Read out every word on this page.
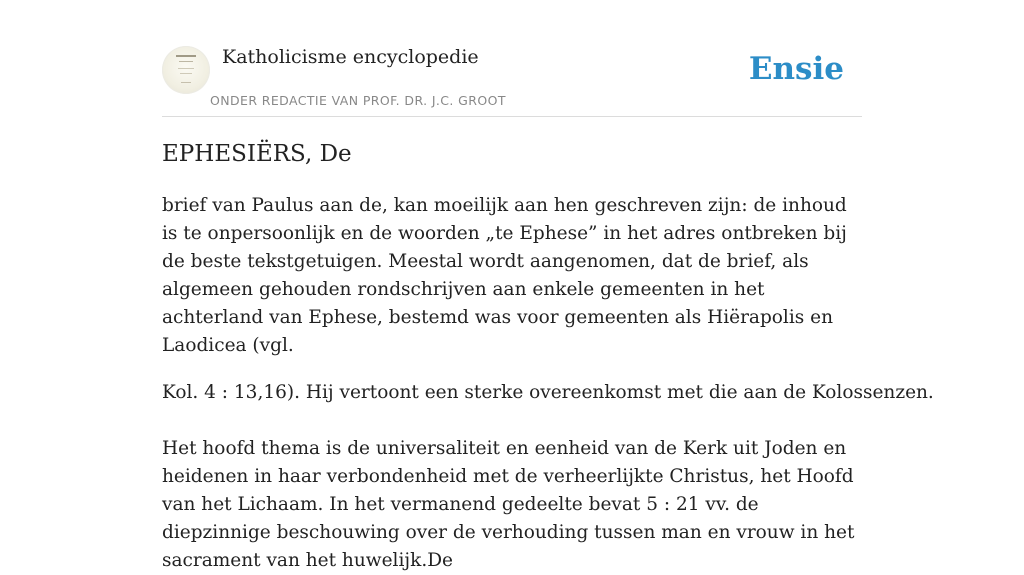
Katholicisme encyclopedie
ONDER REDACTIE VAN PROF. DR. J.C. GROOT
Ensie
EPHESIËRS, De

brief van Paulus aan de, kan moeilijk aan hen geschreven zijn: de inhoud is te onpersoonlijk en de woorden „te Ephese” in het adres ontbreken bij de beste tekstgetuigen. Meestal wordt aangenomen, dat de brief, als algemeen gehouden rondschrijven aan enkele gemeenten in het achterland van Ephese, bestemd was voor gemeenten als Hiërapolis en Laodicea (vgl.

Kol. 4 : 13,16). Hij vertoont een sterke overeenkomst met die aan de Kolossenzen.

Het hoofd thema is de universaliteit en eenheid van de Kerk uit Joden en heidenen in haar verbondenheid met de verheerlijkte Christus, het Hoofd van het Lichaam. In het vermanend gedeelte bevat 5 : 21 vv. de diepzinnige beschouwing over de verhouding tussen man en vrouw in het sacrament van het huwelijk.De
